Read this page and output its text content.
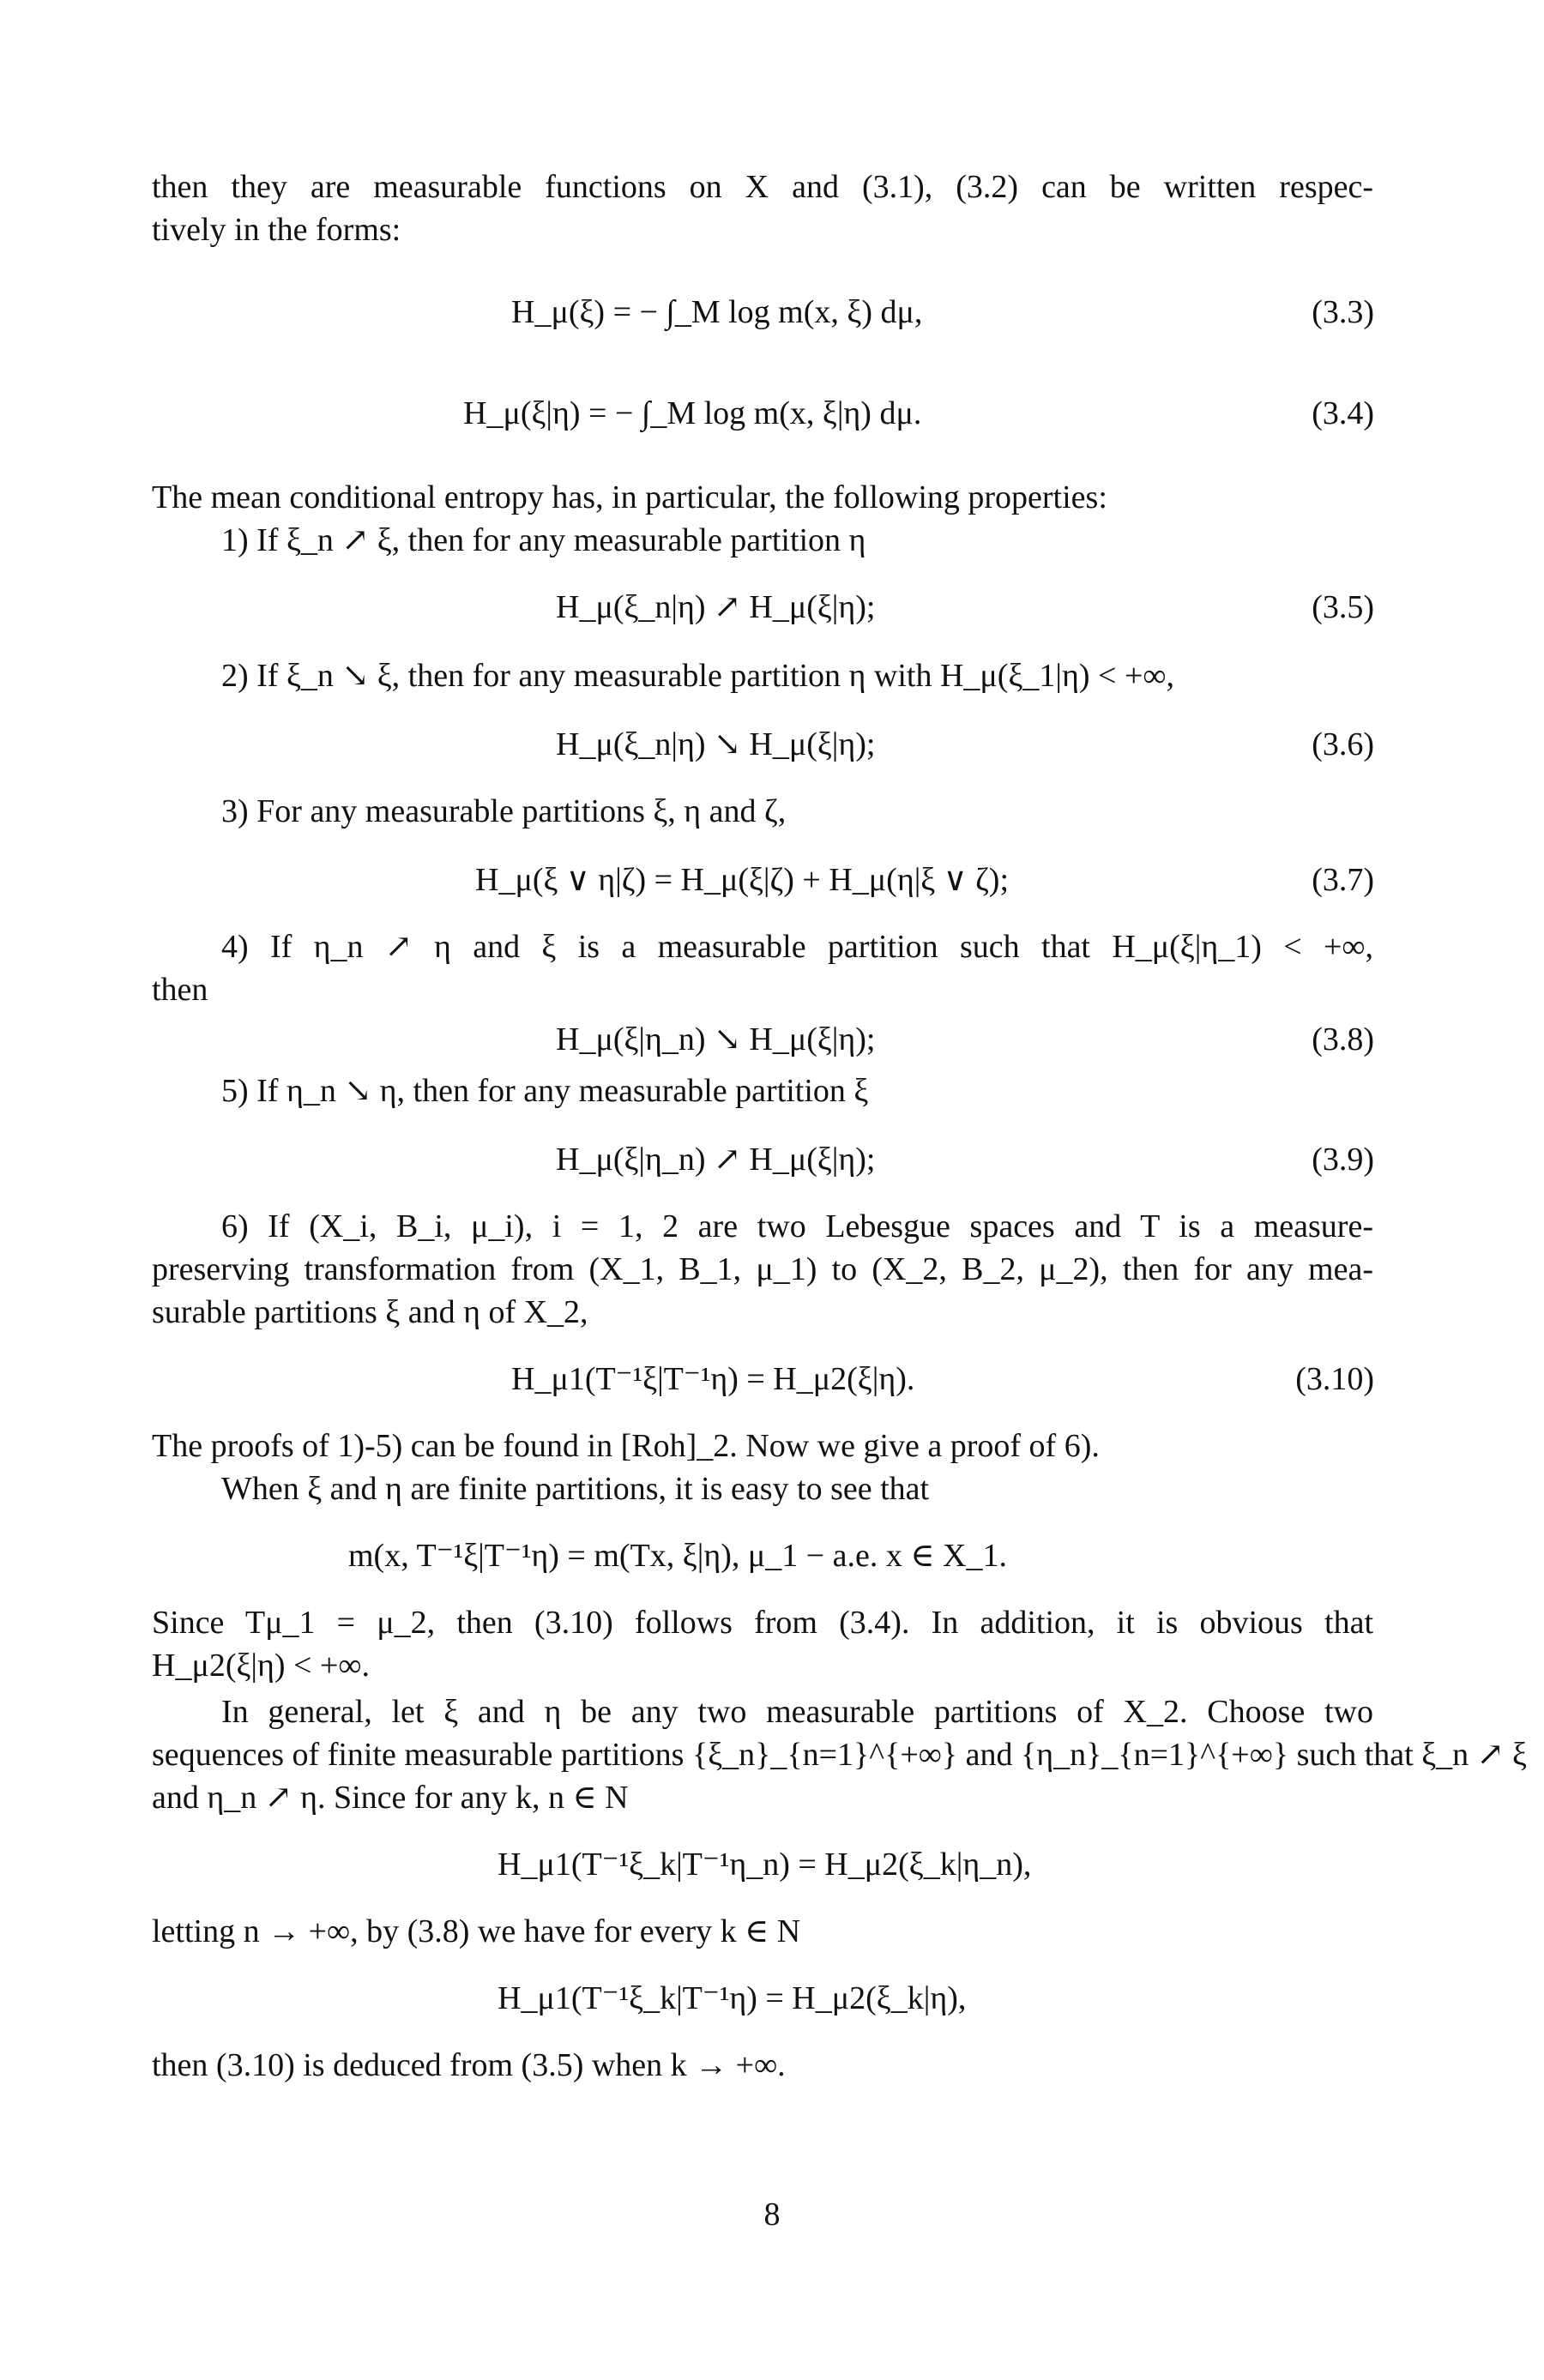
then they are measurable functions on X and (3.1), (3.2) can be written respec-
tively in the forms:
H_μ(ξ) = − ∫_M log m(x, ξ) dμ,	(3.3)
H_μ(ξ|η) = − ∫_M log m(x, ξ|η) dμ.	(3.4)
The mean conditional entropy has, in particular, the following properties:
1) If ξ_n ↗ ξ, then for any measurable partition η
H_μ(ξ_n|η) ↗ H_μ(ξ|η);	(3.5)
2) If ξ_n ↘ ξ, then for any measurable partition η with H_μ(ξ_1|η) < +∞,
H_μ(ξ_n|η) ↘ H_μ(ξ|η);	(3.6)
3) For any measurable partitions ξ, η and ζ,
H_μ(ξ ∨ η|ζ) = H_μ(ξ|ζ) + H_μ(η|ξ ∨ ζ);	(3.7)
4) If η_n ↗ η and ξ is a measurable partition such that H_μ(ξ|η_1) < +∞,
then
H_μ(ξ|η_n) ↘ H_μ(ξ|η);	(3.8)
5) If η_n ↘ η, then for any measurable partition ξ
H_μ(ξ|η_n) ↗ H_μ(ξ|η);	(3.9)
6) If (X_i, B_i, μ_i), i = 1, 2 are two Lebesgue spaces and T is a measure-
preserving transformation from (X_1, B_1, μ_1) to (X_2, B_2, μ_2), then for any mea-
surable partitions ξ and η of X_2,
H_μ1(T⁻¹ξ|T⁻¹η) = H_μ2(ξ|η).	(3.10)
The proofs of 1)-5) can be found in [Roh]_2. Now we give a proof of 6).
When ξ and η are finite partitions, it is easy to see that
m(x, T⁻¹ξ|T⁻¹η) = m(Tx, ξ|η), μ_1 − a.e. x ∈ X_1.
Since Tμ_1 = μ_2, then (3.10) follows from (3.4). In addition, it is obvious that
H_μ2(ξ|η) < +∞.
In general, let ξ and η be any two measurable partitions of X_2. Choose two
sequences of finite measurable partitions {ξ_n}_{n=1}^{+∞} and {η_n}_{n=1}^{+∞} such that ξ_n ↗ ξ
and η_n ↗ η. Since for any k, n ∈ N
H_μ1(T⁻¹ξ_k|T⁻¹η_n) = H_μ2(ξ_k|η_n),
letting n → +∞, by (3.8) we have for every k ∈ N
H_μ1(T⁻¹ξ_k|T⁻¹η) = H_μ2(ξ_k|η),
then (3.10) is deduced from (3.5) when k → +∞.
8
